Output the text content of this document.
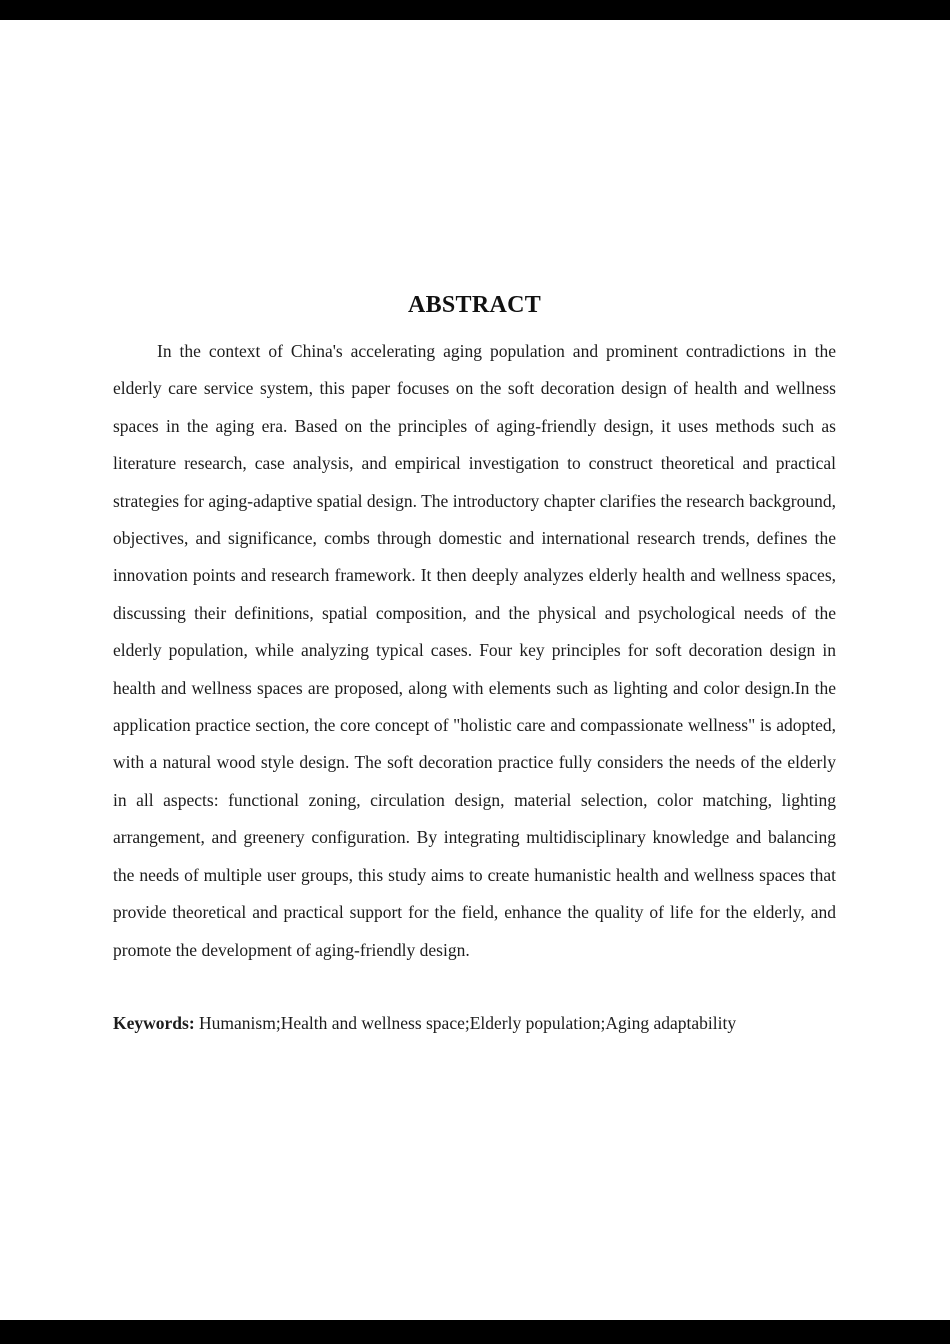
ABSTRACT

In the context of China's accelerating aging population and prominent contradictions in the elderly care service system, this paper focuses on the soft decoration design of health and wellness spaces in the aging era. Based on the principles of aging-friendly design, it uses methods such as literature research, case analysis, and empirical investigation to construct theoretical and practical strategies for aging-adaptive spatial design. The introductory chapter clarifies the research background, objectives, and significance, combs through domestic and international research trends, defines the innovation points and research framework. It then deeply analyzes elderly health and wellness spaces, discussing their definitions, spatial composition, and the physical and psychological needs of the elderly population, while analyzing typical cases. Four key principles for soft decoration design in health and wellness spaces are proposed, along with elements such as lighting and color design.In the application practice section, the core concept of "holistic care and compassionate wellness" is adopted, with a natural wood style design. The soft decoration practice fully considers the needs of the elderly in all aspects: functional zoning, circulation design, material selection, color matching, lighting arrangement, and greenery configuration. By integrating multidisciplinary knowledge and balancing the needs of multiple user groups, this study aims to create humanistic health and wellness spaces that provide theoretical and practical support for the field, enhance the quality of life for the elderly, and promote the development of aging-friendly design.

Keywords: Humanism;Health and wellness space;Elderly population;Aging adaptability
